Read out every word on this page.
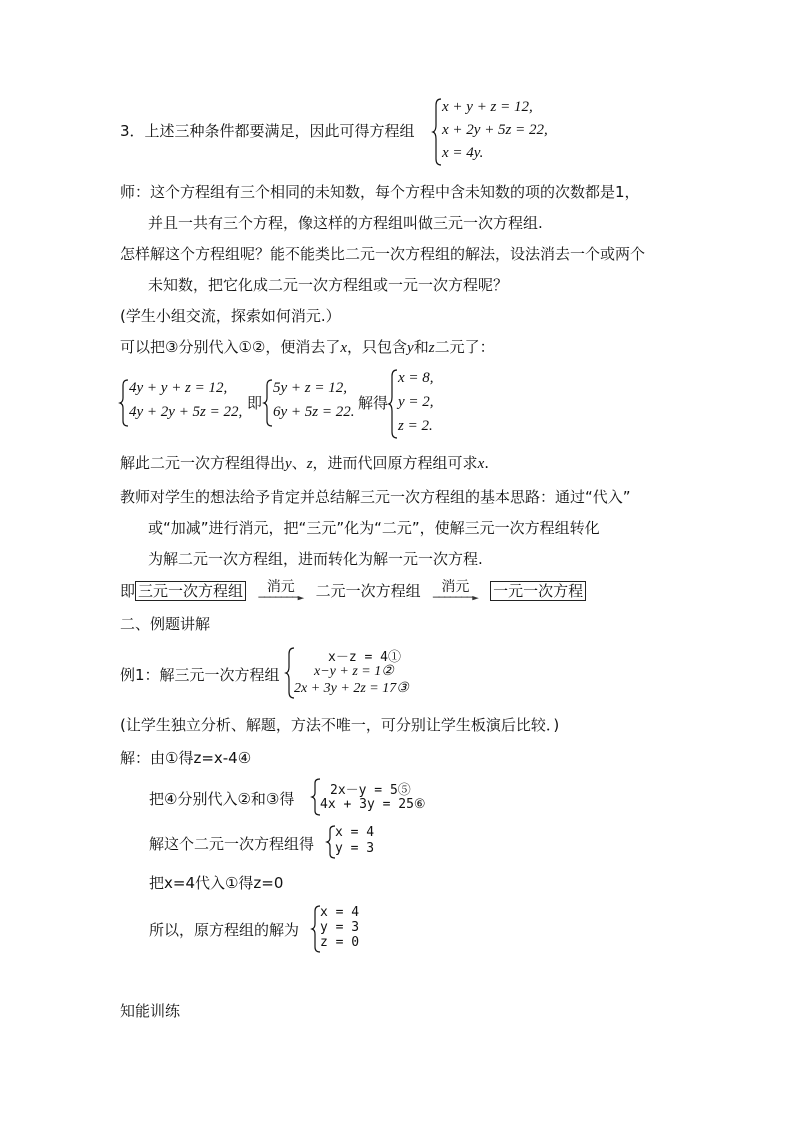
3．上述三种条件都要满足，因此可得方程组
x + y + z = 12,
x + 2y + 5z = 22,
x = 4y.
师：这个方程组有三个相同的未知数，每个方程中含未知数的项的次数都是1，
并且一共有三个方程，像这样的方程组叫做三元一次方程组.
怎样解这个方程组呢？能不能类比二元一次方程组的解法，设法消去一个或两个
未知数，把它化成二元一次方程组或一元一次方程呢？
(学生小组交流，探索如何消元.）
可以把③分别代入①②，便消去了x，只包含y和z二元了：
4y + y + z = 12,
4y + 2y + 5z = 22, 即
5y + z = 12,
6y + 5z = 22. 解得
x = 8,
y = 2,
z = 2.
解此二元一次方程组得出y、z，进而代回原方程组可求x.
教师对学生的想法给予肯定并总结解三元一次方程组的基本思路：通过“代入”
或“加减”进行消元，把“三元”化为“二元”，使解三元一次方程组转化
为解二元一次方程组，进而转化为解一元一次方程.
即 三元一次方程组	消元
───────► 二元一次方程组	消元
───────►	一元一次方程
二、例题讲解
例1：解三元一次方程组
x－z = 4①
x−y + z = 1②
2x + 3y + 2z = 17③
(让学生独立分析、解题，方法不唯一，可分别让学生板演后比较．)
解：由①得z=x-4④
把④分别代入②和③得	2x－y = 5⑤
4x + 3y = 25⑥
解这个二元一次方程组得
x = 4
y = 3
把x=4代入①得z=0
所以，原方程组的解为
x = 4
y = 3
z = 0
知能训练
